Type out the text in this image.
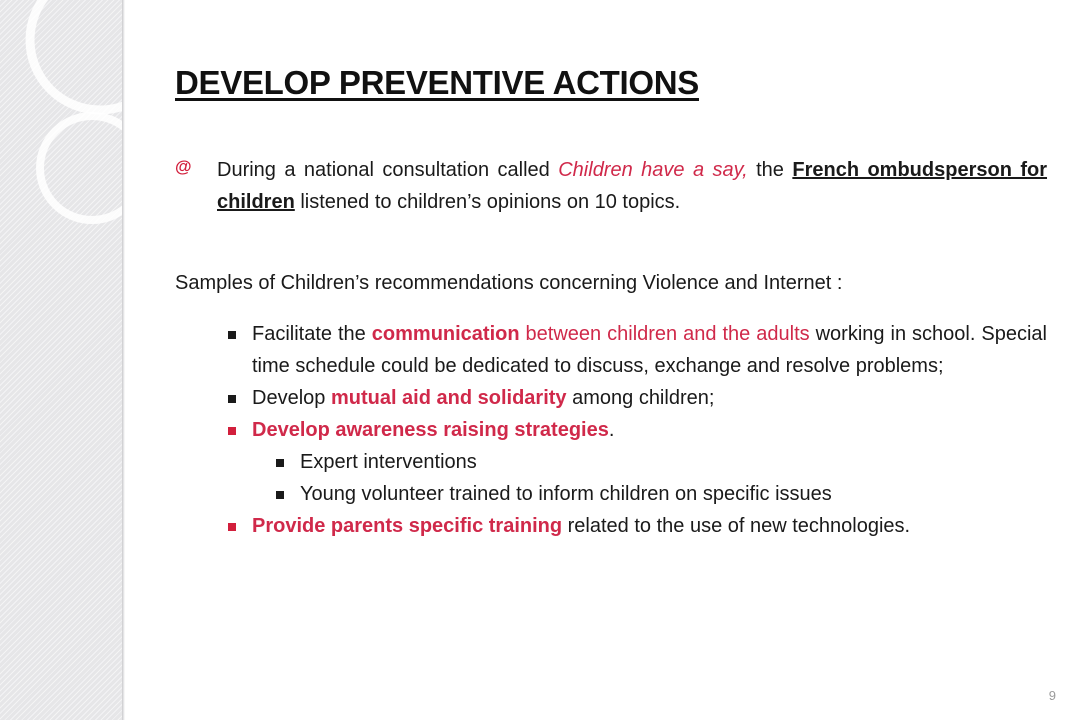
DEVELOP PREVENTIVE ACTIONS
@ During a national consultation called Children have a say, the French ombudsperson for children listened to children’s opinions on 10 topics.

Samples of Children’s recommendations concerning Violence and Internet :

Facilitate the communication between children and the adults working in school. Special time schedule could be dedicated to discuss, exchange and resolve problems;
Develop mutual aid and solidarity among children;
Develop awareness raising strategies.
Expert interventions
Young volunteer trained to inform children on specific issues
Provide parents specific training related to the use of new technologies.
9
